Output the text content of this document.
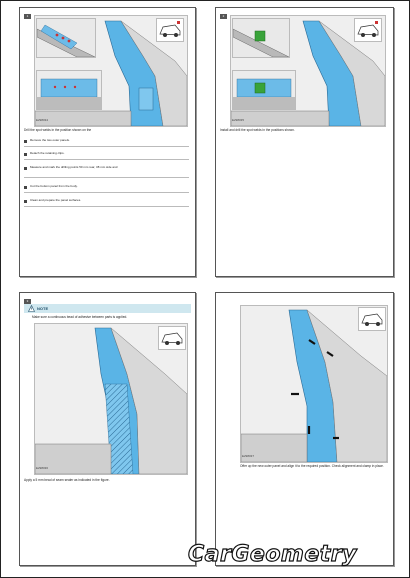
1
E298034
Drill the spot welds in the position shown on the
Remove the two outer panels.
Detach the retaining clips.
Measure and mark the drilling points 50 mm rear, 38 mm side and
Cut the bottom panel from the body.
Clean and prepare the panel surfaces.
2
E298035
Install and drill the spot welds in the positions shown.
3
NOTE
Make sure a continuous bead of adhesive between parts is applied.
E298036
Apply a 5 mm bead of seam sealer as indicated in the figure.
E298037
Offer up the new outer panel and align it to the required position. Check alignment and clamp in place.
CarGeometry
